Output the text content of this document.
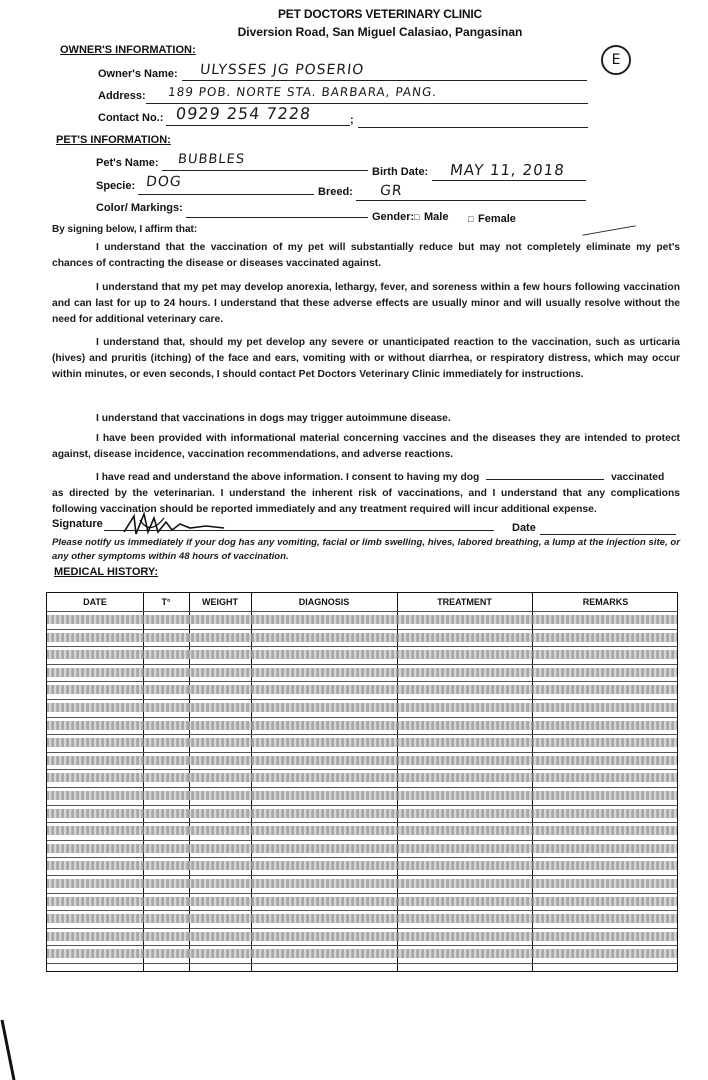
PET DOCTORS VETERINARY CLINIC
Diversion Road, San Miguel Calasiao, Pangasinan
E
OWNER'S INFORMATION:
Owner's Name: ULYSSES JG POSERIO
Address: 189 POB. NORTE STA. BARBARA, PANG.
Contact No.: 0929 254 7228	;
PET'S INFORMATION:
Pet's Name: BUBBLES
Birth Date: MAY 11, 2018
Specie: DOG
Breed: GR
Color/ Markings:
Gender: □ Male □ Female
By signing below, I affirm that:
I understand that the vaccination of my pet will substantially reduce but may not completely eliminate my pet's chances of contracting the disease or diseases vaccinated against.
I understand that my pet may develop anorexia, lethargy, fever, and soreness within a few hours following vaccination and can last for up to 24 hours. I understand that these adverse effects are usually minor and will usually resolve without the need for additional veterinary care.
I understand that, should my pet develop any severe or unanticipated reaction to the vaccination, such as urticaria (hives) and pruritis (itching) of the face and ears, vomiting with or without diarrhea, or respiratory distress, which may occur within minutes, or even seconds, I should contact Pet Doctors Veterinary Clinic immediately for instructions.
I understand that vaccinations in dogs may trigger autoimmune disease.
I have been provided with informational material concerning vaccines and the diseases they are intended to protect against, disease incidence, vaccination recommendations, and adverse reactions.
I have read and understand the above information. I consent to having my dog	vaccinated
as directed by the veterinarian. I understand the inherent risk of vaccinations, and I understand that any complications following vaccination should be reported immediately and any treatment required will incur additional expense.
Signature	Date
Please notify us immediately if your dog has any vomiting, facial or limb swelling, hives, labored breathing, a lump at the injection site, or any other symptoms within 48 hours of vaccination.
MEDICAL HISTORY:
DATE	T°	WEIGHT	DIAGNOSIS	TREATMENT	REMARKS
